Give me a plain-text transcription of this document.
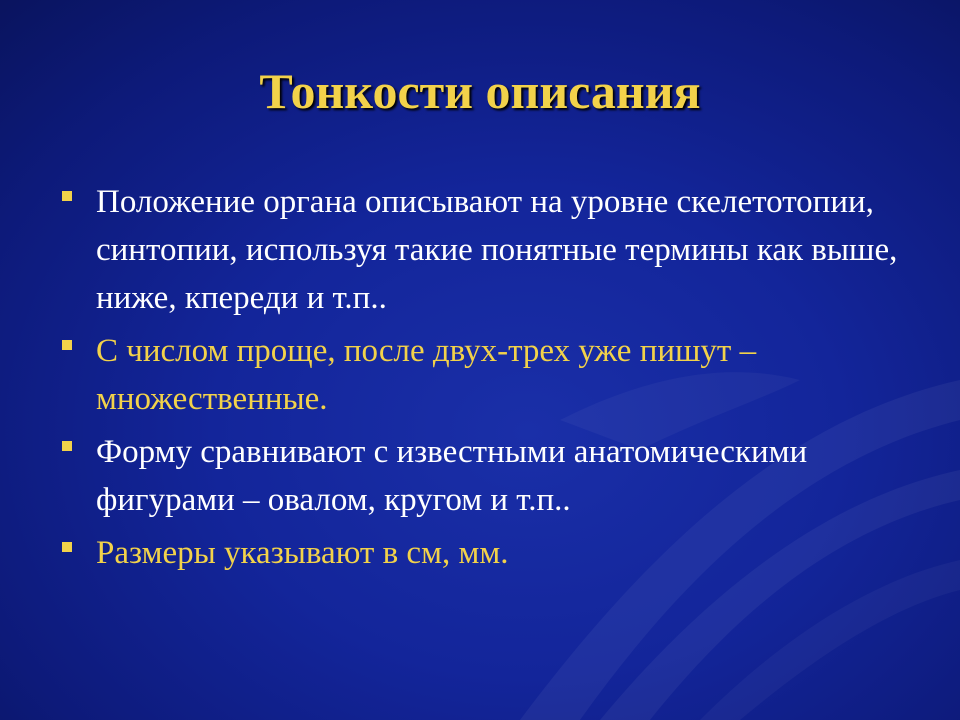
Тонкости описания
Положение органа описывают на уровне скелетотопии, синтопии, используя такие понятные термины как выше, ниже, кпереди и т.п..
С числом проще, после двух-трех уже пишут – множественные.
Форму сравнивают с известными анатомическими фигурами – овалом, кругом и т.п..
Размеры указывают в см, мм.
